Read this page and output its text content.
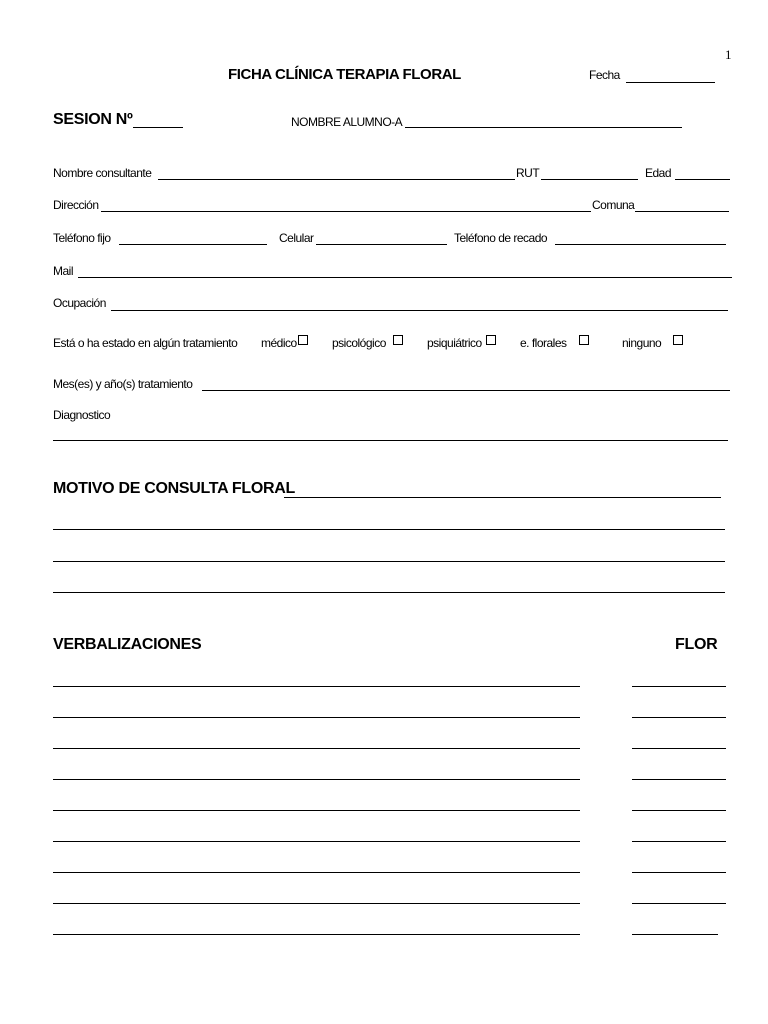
1
FICHA CLÍNICA TERAPIA FLORAL	Fecha
SESION Nº	NOMBRE ALUMNO-A
Nombre consultante	RUT	Edad
Dirección	Comuna
Teléfono fijo	Celular	Teléfono de recado
Mail
Ocupación
Está o ha estado en algún tratamiento médico	psicológico	psiquiátrico	e. florales	ninguno
Mes(es) y año(s) tratamiento
Diagnostico
MOTIVO DE CONSULTA FLORAL
VERBALIZACIONES	FLOR
